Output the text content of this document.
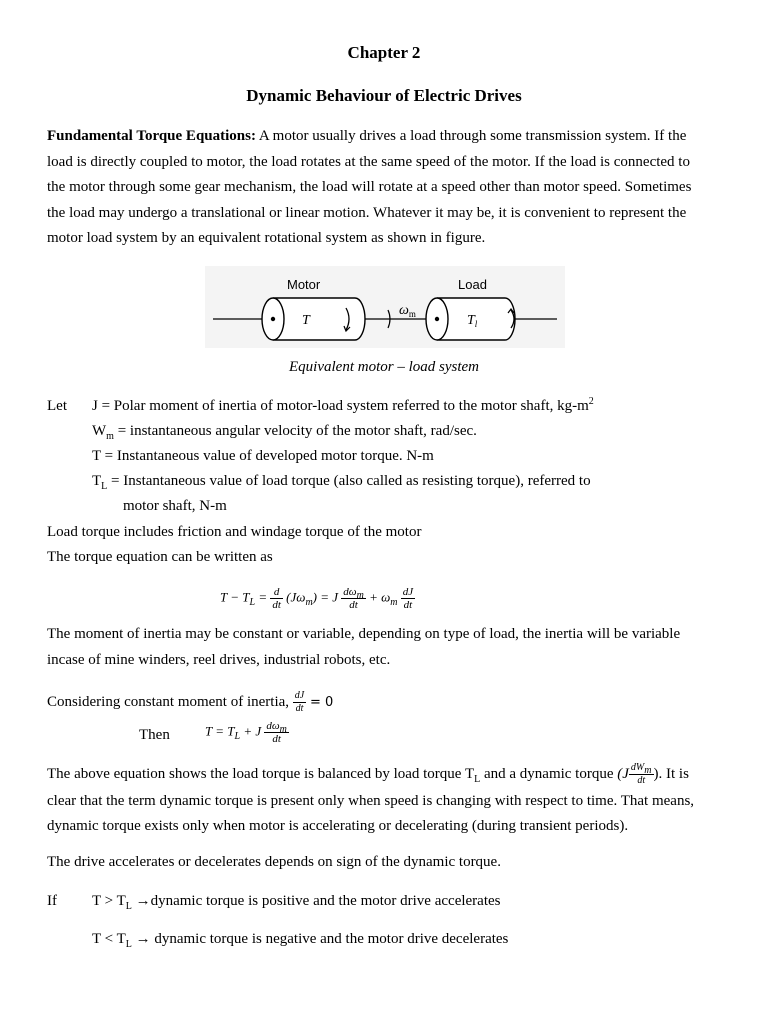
Chapter 2
Dynamic Behaviour of Electric Drives
Fundamental Torque Equations: A motor usually drives a load through some transmission system. If the
load is directly coupled to motor, the load rotates at the same speed of the motor. If the load is connected to
the motor through some gear mechanism, the load will rotate at a speed other than motor speed. Sometimes
the load may undergo a translational or linear motion. Whatever it may be, it is convenient to represent the
motor load system by an equivalent rotational system as shown in figure.
Motor	Load
T	$T_l$
$\omega_m$
Equivalent motor – load system
Let J = Polar moment of inertia of motor-load system referred to the motor shaft, $kg-m^2$
$W_m$ = instantaneous angular velocity of the motor shaft, rad/sec.
T = Instantaneous value of developed motor torque. N-m
$T_L$ = Instantaneous value of load torque (also called as resisting torque), referred to
motor shaft, N-m
Load torque includes friction and windage torque of the motor
The torque equation can be written as
$T - T_L = \frac{d}{dt} (J\omega_m) = J \frac{d\omega_m}{dt} + \omega_m \frac{dJ}{dt}$
The moment of inertia may be constant or variable, depending on type of load, the inertia will be variable
incase of mine winders, reel drives, industrial robots, etc.
Considering constant moment of inertia, $\frac{dJ}{dt} = 0$
Then	$T = T_L + J \frac{d\omega_m}{dt}$
The above equation shows the load torque is balanced by load torque $T_L$ and a dynamic torque ($J \frac{dW_m}{dt}$ ). It is
clear that the term dynamic torque is present only when speed is changing with respect to time. That means,
dynamic torque exists only when motor is accelerating or decelerating (during transient periods).
The drive accelerates or decelerates depends on sign of the dynamic torque.
If $T > T_L$ →dynamic torque is positive and the motor drive accelerates
$T < T_L$ → dynamic torque is negative and the motor drive decelerates
